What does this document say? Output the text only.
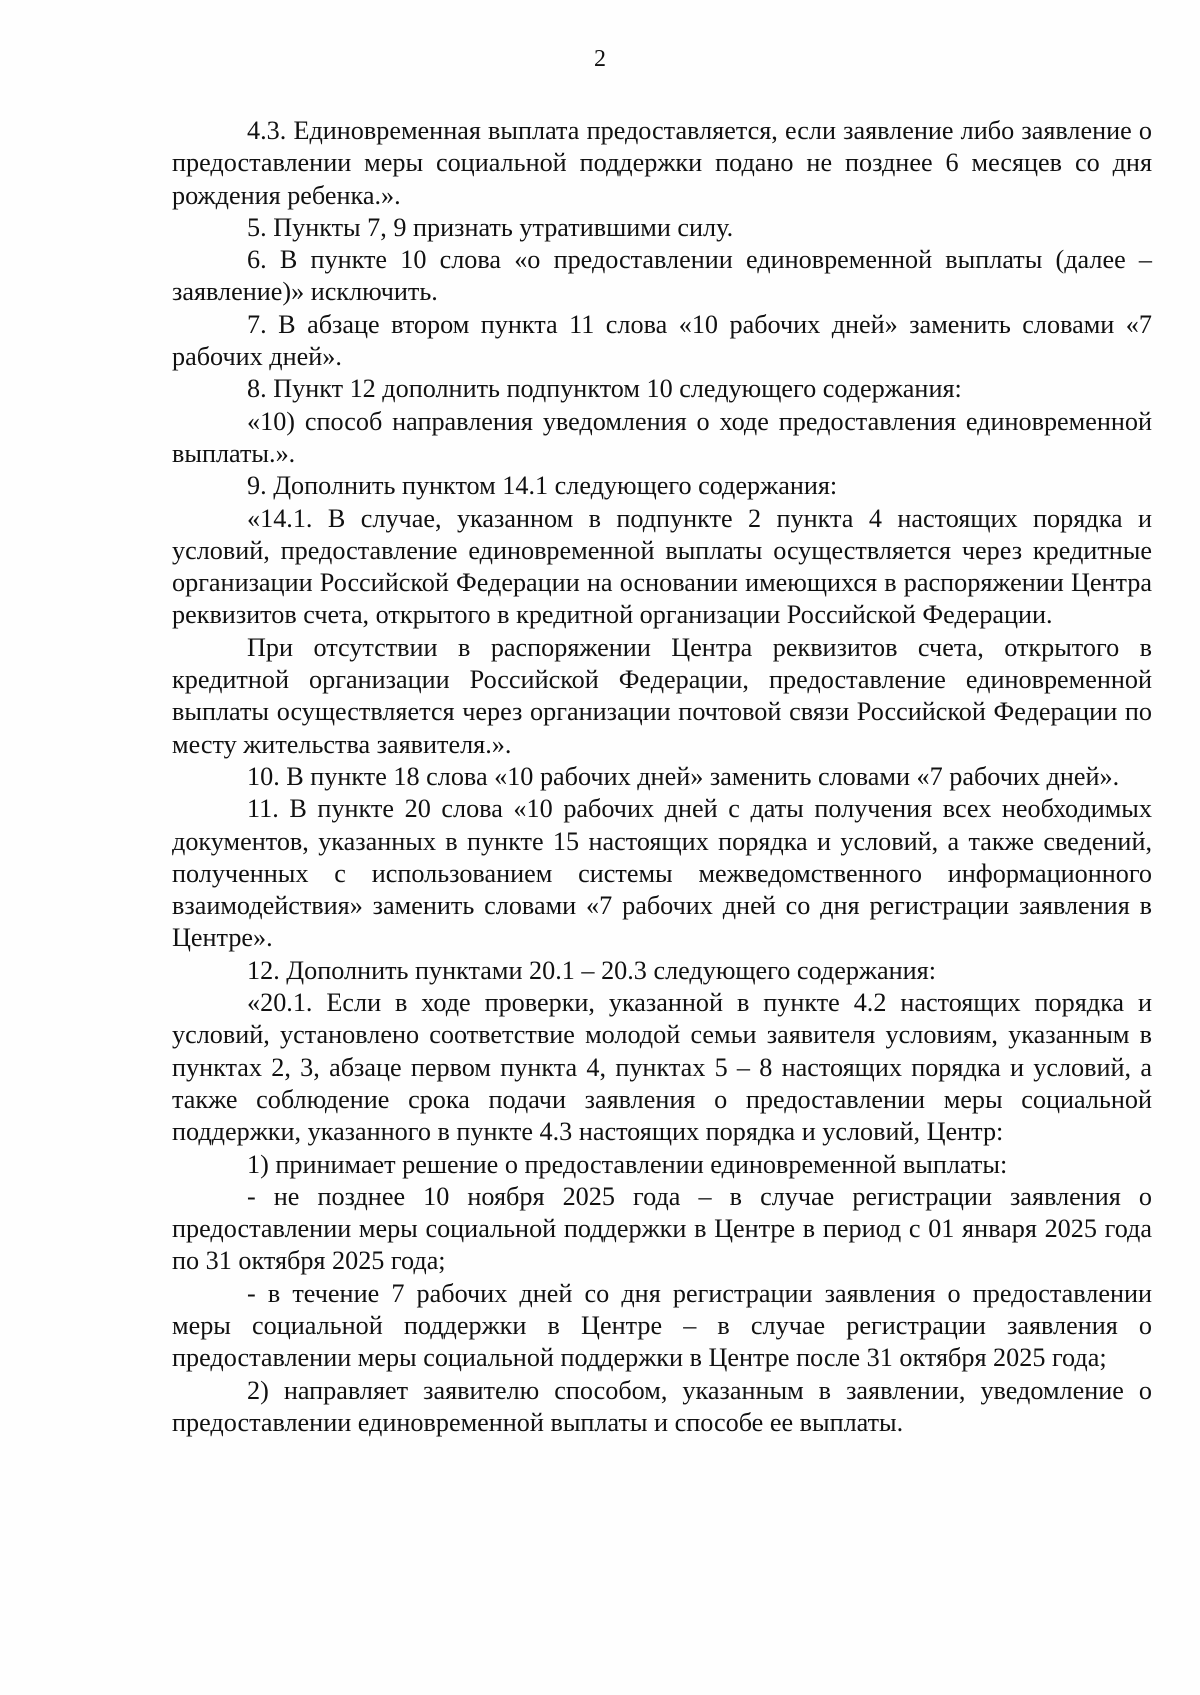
2

4.3. Единовременная выплата предоставляется, если заявление либо заявление о предоставлении меры социальной поддержки подано не позднее 6 месяцев со дня рождения ребенка.».

5. Пункты 7, 9 признать утратившими силу.

6. В пункте 10 слова «о предоставлении единовременной выплаты (далее – заявление)» исключить.

7. В абзаце втором пункта 11 слова «10 рабочих дней» заменить словами «7 рабочих дней».

8. Пункт 12 дополнить подпунктом 10 следующего содержания:

«10) способ направления уведомления о ходе предоставления единовременной выплаты.».

9. Дополнить пунктом 14.1 следующего содержания:

«14.1. В случае, указанном в подпункте 2 пункта 4 настоящих порядка и условий, предоставление единовременной выплаты осуществляется через кредитные организации Российской Федерации на основании имеющихся в распоряжении Центра реквизитов счета, открытого в кредитной организации Российской Федерации.

При отсутствии в распоряжении Центра реквизитов счета, открытого в кредитной организации Российской Федерации, предоставление единовременной выплаты осуществляется через организации почтовой связи Российской Федерации по месту жительства заявителя.».

10. В пункте 18 слова «10 рабочих дней» заменить словами «7 рабочих дней».

11. В пункте 20 слова «10 рабочих дней с даты получения всех необходимых документов, указанных в пункте 15 настоящих порядка и условий, а также сведений, полученных с использованием системы межведомственного информационного взаимодействия» заменить словами «7 рабочих дней со дня регистрации заявления в Центре».

12. Дополнить пунктами 20.1 – 20.3 следующего содержания:

«20.1. Если в ходе проверки, указанной в пункте 4.2 настоящих порядка и условий, установлено соответствие молодой семьи заявителя условиям, указанным в пунктах 2, 3, абзаце первом пункта 4, пунктах 5 – 8 настоящих порядка и условий, а также соблюдение срока подачи заявления о предоставлении меры социальной поддержки, указанного в пункте 4.3 настоящих порядка и условий, Центр:

1) принимает решение о предоставлении единовременной выплаты:

- не позднее 10 ноября 2025 года – в случае регистрации заявления о предоставлении меры социальной поддержки в Центре в период с 01 января 2025 года по 31 октября 2025 года;

- в течение 7 рабочих дней со дня регистрации заявления о предоставлении меры социальной поддержки в Центре – в случае регистрации заявления о предоставлении меры социальной поддержки в Центре после 31 октября 2025 года;

2) направляет заявителю способом, указанным в заявлении, уведомление о предоставлении единовременной выплаты и способе ее выплаты.
